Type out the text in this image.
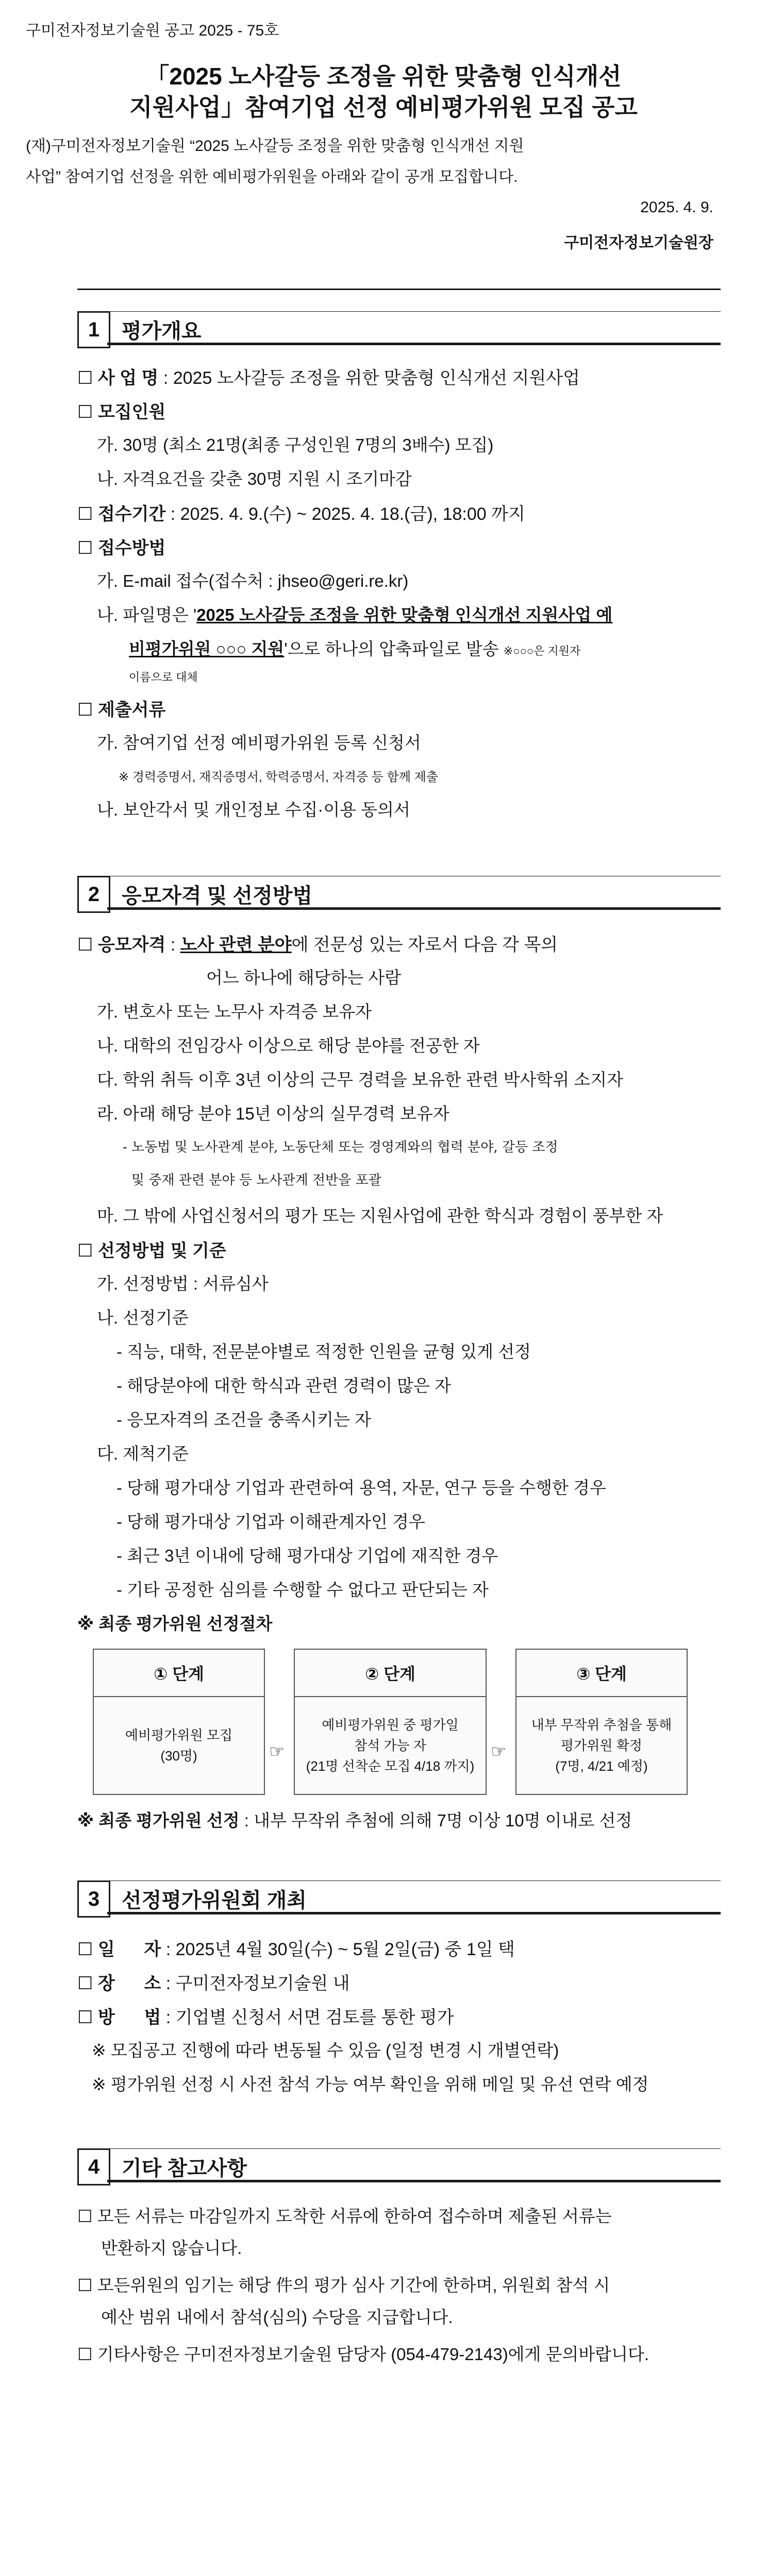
구미전자정보기술원 공고 2025 - 75호
「2025 노사갈등 조정을 위한 맞춤형 인식개선
지원사업」참여기업 선정 예비평가위원 모집 공고
(재)구미전자정보기술원 “2025 노사갈등 조정을 위한 맞춤형 인식개선 지원
사업” 참여기업 선정을 위한 예비평가위원을 아래와 같이 공개 모집합니다.
2025. 4. 9.
구미전자정보기술원장
1	평가개요
☐ 사 업 명 : 2025 노사갈등 조정을 위한 맞춤형 인식개선 지원사업
☐ 모집인원
가. 30명 (최소 21명(최종 구성인원 7명의 3배수) 모집)
나. 자격요건을 갖춘 30명 지원 시 조기마감
☐ 접수기간 : 2025. 4. 9.(수) ~ 2025. 4. 18.(금), 18:00 까지
☐ 접수방법
가. E-mail 접수(접수처 : jhseo@geri.re.kr)
나. 파일명은 '2025 노사갈등 조정을 위한 맞춤형 인식개선 지원사업 예
비평가위원 ○○○ 지원'으로 하나의 압축파일로 발송 ※○○○은 지원자
이름으로 대체
☐ 제출서류
가. 참여기업 선정 예비평가위원 등록 신청서
※ 경력증명서, 재직증명서, 학력증명서, 자격증 등 함께 제출
나. 보안각서 및 개인정보 수집·이용 동의서
2	응모자격 및 선정방법
☐ 응모자격 : 노사 관련 분야에 전문성 있는 자로서 다음 각 목의
어느 하나에 해당하는 사람
가. 변호사 또는 노무사 자격증 보유자
나. 대학의 전임강사 이상으로 해당 분야를 전공한 자
다. 학위 취득 이후 3년 이상의 근무 경력을 보유한 관련 박사학위 소지자
라. 아래 해당 분야 15년 이상의 실무경력 보유자
- 노동법 및 노사관계 분야, 노동단체 또는 경영계와의 협력 분야, 갈등 조정
및 중재 관련 분야 등 노사관계 전반을 포괄
마. 그 밖에 사업신청서의 평가 또는 지원사업에 관한 학식과 경험이 풍부한 자
☐ 선정방법 및 기준
가. 선정방법 : 서류심사
나. 선정기준
- 직능, 대학, 전문분야별로 적정한 인원을 균형 있게 선정
- 해당분야에 대한 학식과 관련 경력이 많은 자
- 응모자격의 조건을 충족시키는 자
다. 제척기준
- 당해 평가대상 기업과 관련하여 용역, 자문, 연구 등을 수행한 경우
- 당해 평가대상 기업과 이해관계자인 경우
- 최근 3년 이내에 당해 평가대상 기업에 재직한 경우
- 기타 공정한 심의를 수행할 수 없다고 판단되는 자
※ 최종 평가위원 선정절차
① 단계
예비평가위원 모집
(30명)	☞
② 단계
예비평가위원 중 평가일
참석 가능 자
(21명 선착순 모집 4/18 까지)
☞
③ 단계
내부 무작위 추첨을 통해
평가위원 확정
(7명, 4/21 예정)
※ 최종 평가위원 선정 : 내부 무작위 추첨에 의해 7명 이상 10명 이내로 선정
3	선정평가위원회 개최
☐ 일      자 : 2025년 4월 30일(수) ~ 5월 2일(금) 중 1일 택
☐ 장      소 : 구미전자정보기술원 내
☐ 방      법 : 기업별 신청서 서면 검토를 통한 평가
※ 모집공고 진행에 따라 변동될 수 있음 (일정 변경 시 개별연락)
※ 평가위원 선정 시 사전 참석 가능 여부 확인을 위해 메일 및 유선 연락 예정
4	기타 참고사항
☐ 모든 서류는 마감일까지 도착한 서류에 한하여 접수하며 제출된 서류는
반환하지 않습니다.
☐ 모든위원의 임기는 해당 件의 평가 심사 기간에 한하며, 위원회 참석 시
예산 범위 내에서 참석(심의) 수당을 지급합니다.
☐ 기타사항은 구미전자정보기술원 담당자 (054-479-2143)에게 문의바랍니다.
